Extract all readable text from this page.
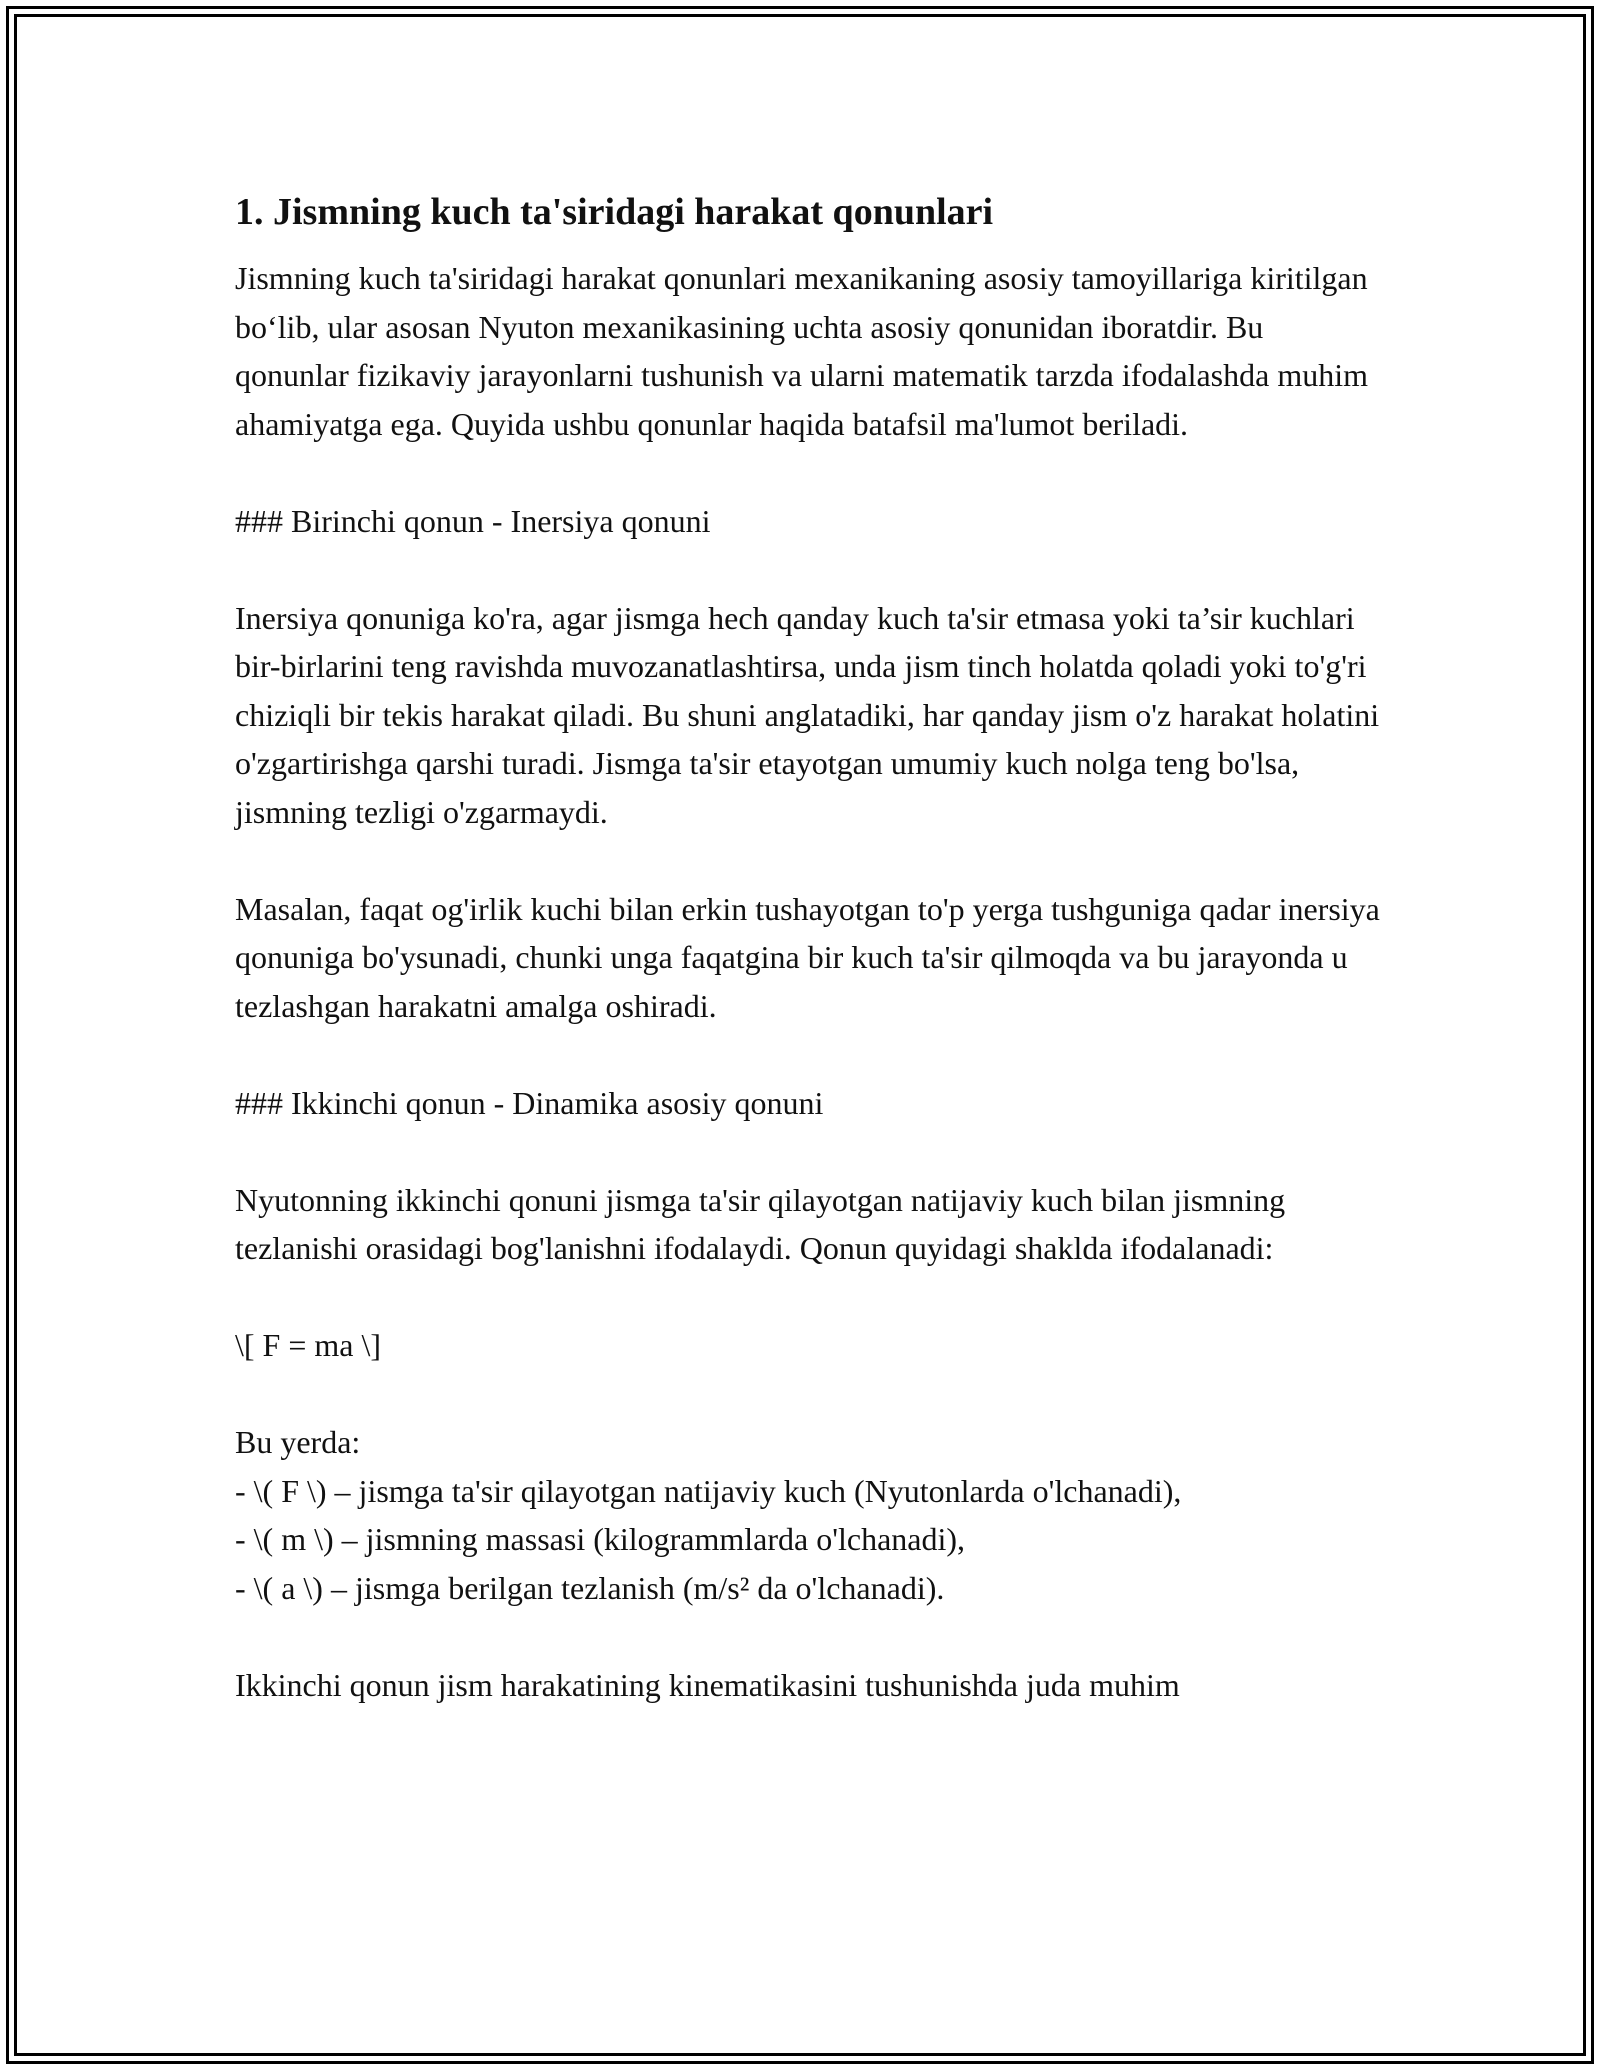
1. Jismning kuch ta'siridagi harakat qonunlari

Jismning kuch ta'siridagi harakat qonunlari mexanikaning asosiy tamoyillariga kiritilgan bo‘lib, ular asosan Nyuton mexanikasining uchta asosiy qonunidan iboratdir. Bu qonunlar fizikaviy jarayonlarni tushunish va ularni matematik tarzda ifodalashda muhim ahamiyatga ega. Quyida ushbu qonunlar haqida batafsil ma'lumot beriladi.

### Birinchi qonun - Inersiya qonuni

Inersiya qonuniga ko'ra, agar jismga hech qanday kuch ta'sir etmasa yoki ta’sir kuchlari bir-birlarini teng ravishda muvozanatlashtirsa, unda jism tinch holatda qoladi yoki to'g'ri chiziqli bir tekis harakat qiladi. Bu shuni anglatadiki, har qanday jism o'z harakat holatini o'zgartirishga qarshi turadi. Jismga ta'sir etayotgan umumiy kuch nolga teng bo'lsa, jismning tezligi o'zgarmaydi.

Masalan, faqat og'irlik kuchi bilan erkin tushayotgan to'p yerga tushguniga qadar inersiya qonuniga bo'ysunadi, chunki unga faqatgina bir kuch ta'sir qilmoqda va bu jarayonda u tezlashgan harakatni amalga oshiradi.

### Ikkinchi qonun - Dinamika asosiy qonuni

Nyutonning ikkinchi qonuni jismga ta'sir qilayotgan natijaviy kuch bilan jismning tezlanishi orasidagi bog'lanishni ifodalaydi. Qonun quyidagi shaklda ifodalanadi:

\[ F = ma \]

Bu yerda:
- \( F \) – jismga ta'sir qilayotgan natijaviy kuch (Nyutonlarda o'lchanadi),
- \( m \) – jismning massasi (kilogrammlarda o'lchanadi),
- \( a \) – jismga berilgan tezlanish (m/s² da o'lchanadi).

Ikkinchi qonun jism harakatining kinematikasini tushunishda juda muhim
